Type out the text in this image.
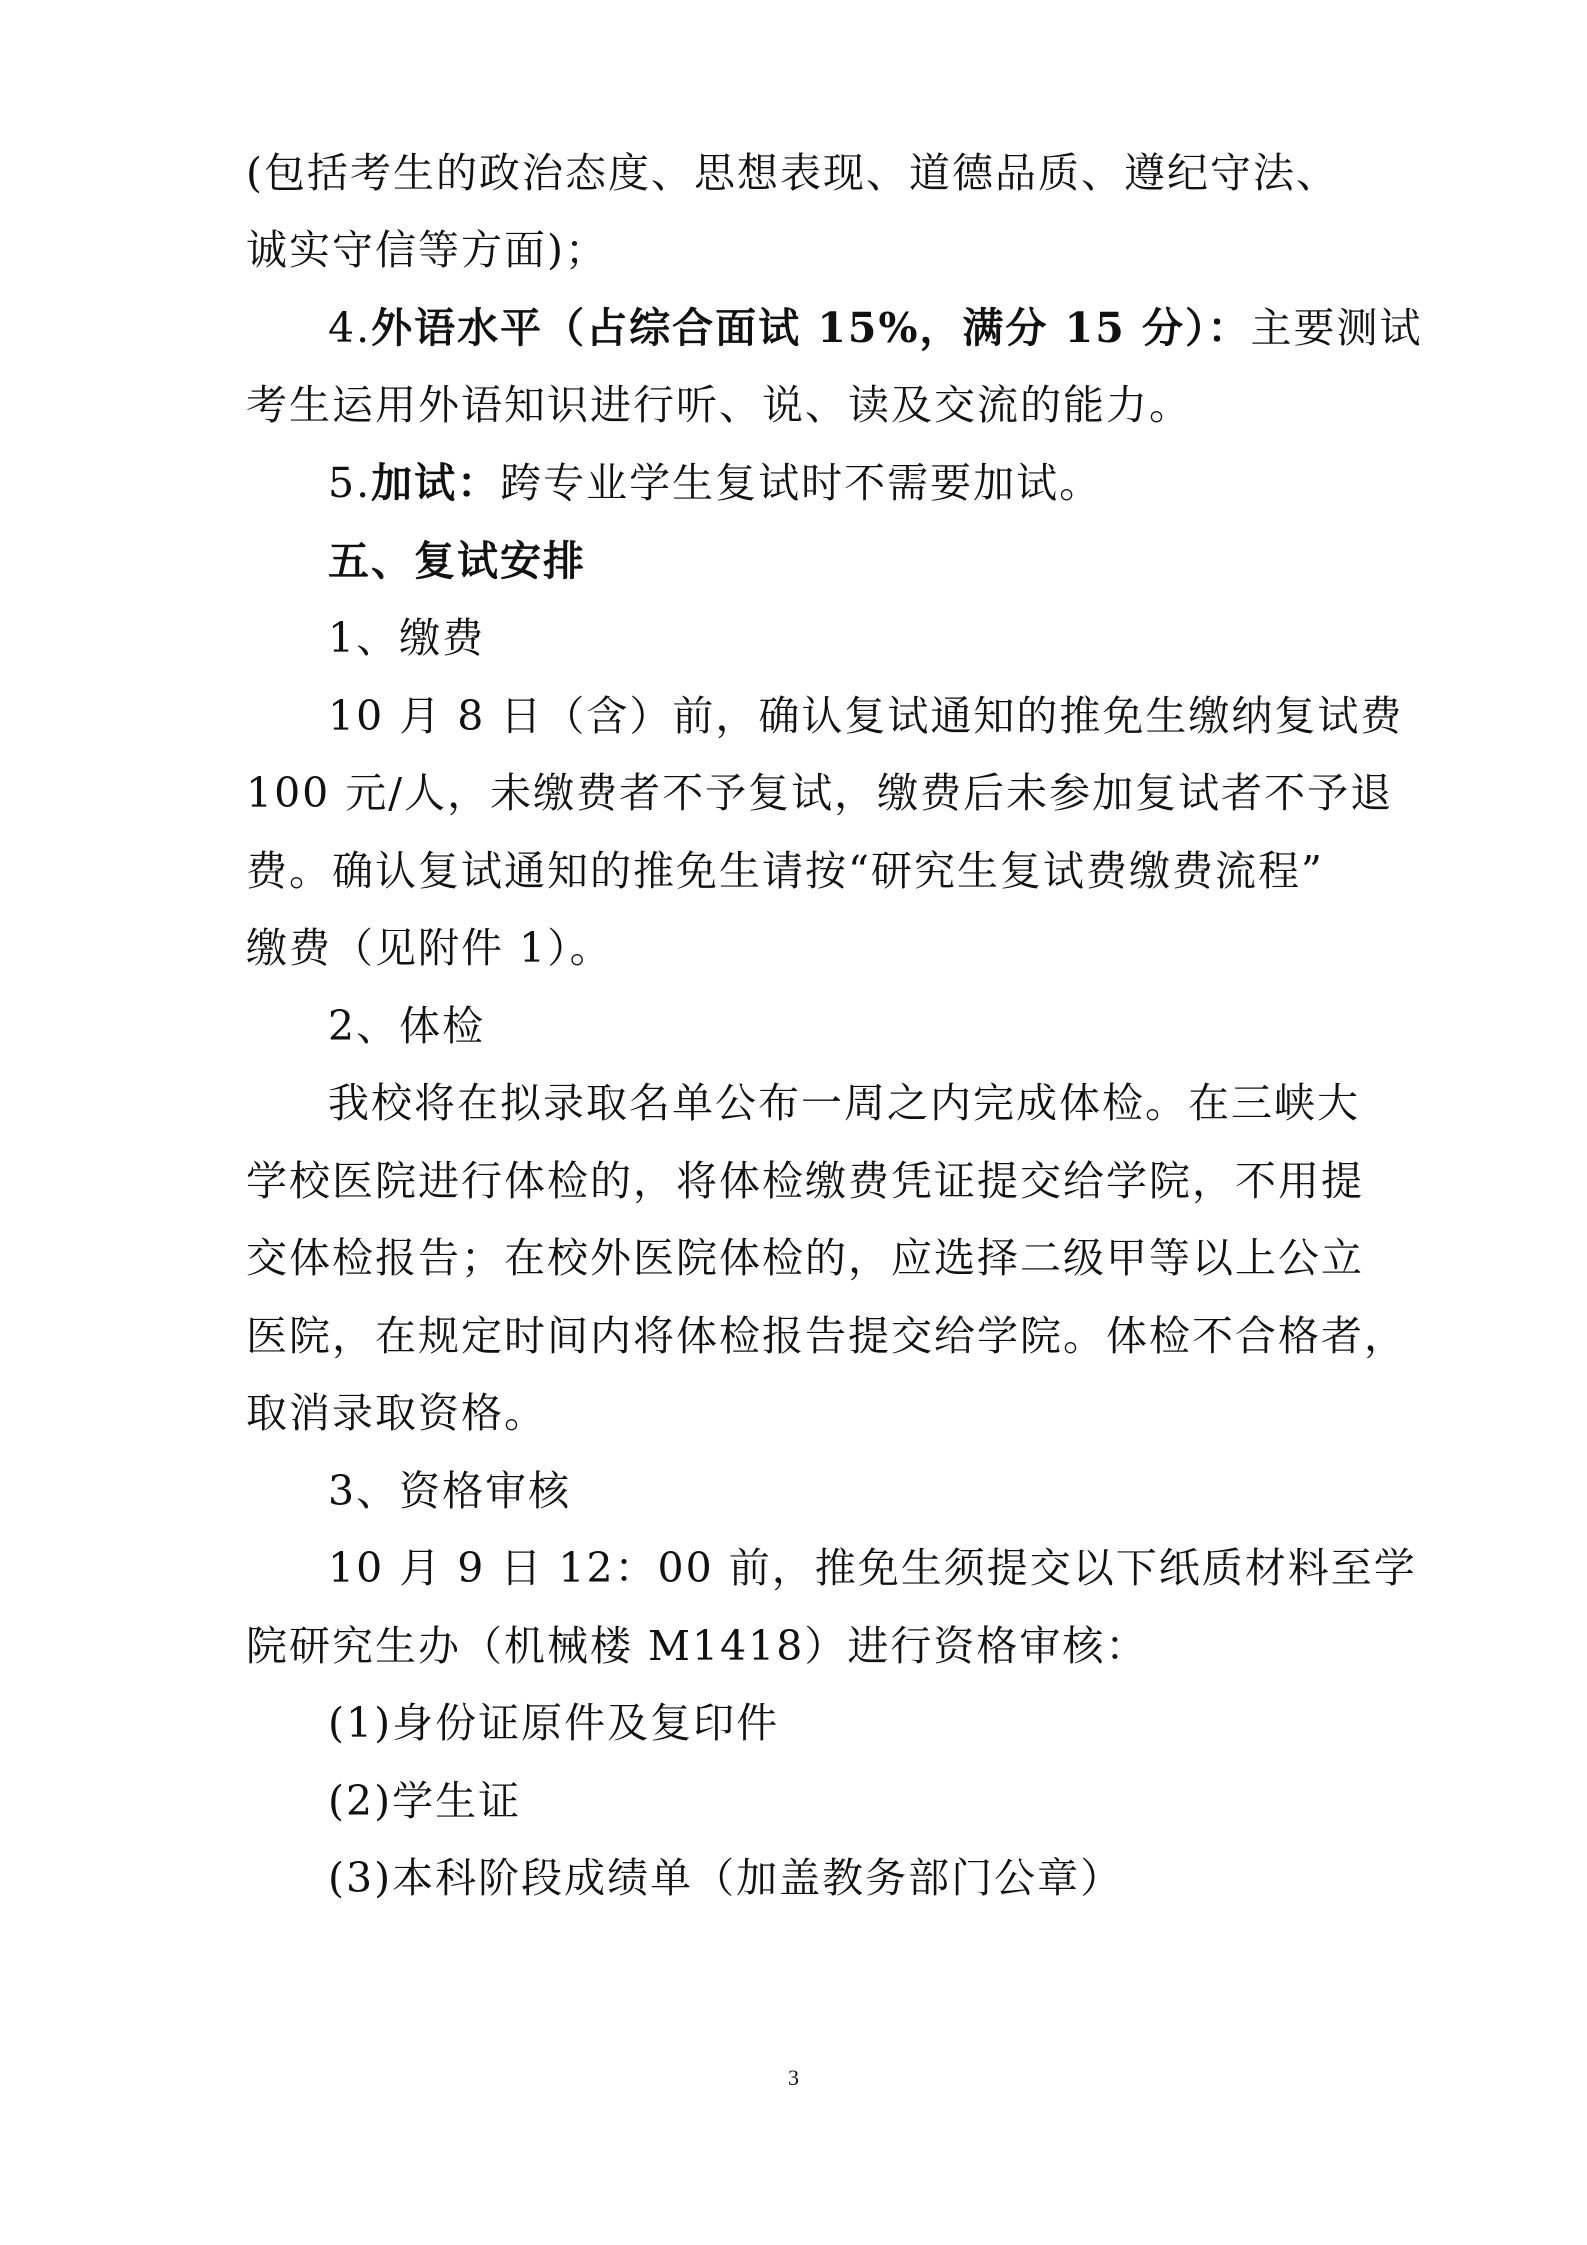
(包括考生的政治态度、思想表现、道德品质、遵纪守法、
诚实守信等方面)；
4.外语水平（占综合面试 15%，满分 15 分）：主要测试
考生运用外语知识进行听、说、读及交流的能力。
5.加试：跨专业学生复试时不需要加试。
五、复试安排
1、缴费
10 月 8 日（含）前，确认复试通知的推免生缴纳复试费
100 元/人，未缴费者不予复试，缴费后未参加复试者不予退
费。确认复试通知的推免生请按“研究生复试费缴费流程”
缴费（见附件 1）。
2、体检
我校将在拟录取名单公布一周之内完成体检。在三峡大
学校医院进行体检的，将体检缴费凭证提交给学院，不用提
交体检报告；在校外医院体检的，应选择二级甲等以上公立
医院，在规定时间内将体检报告提交给学院。体检不合格者，
取消录取资格。
3、资格审核
10 月 9 日 12：00 前，推免生须提交以下纸质材料至学
院研究生办（机械楼 M1418）进行资格审核：
(1)身份证原件及复印件
(2)学生证
(3)本科阶段成绩单（加盖教务部门公章）
3
